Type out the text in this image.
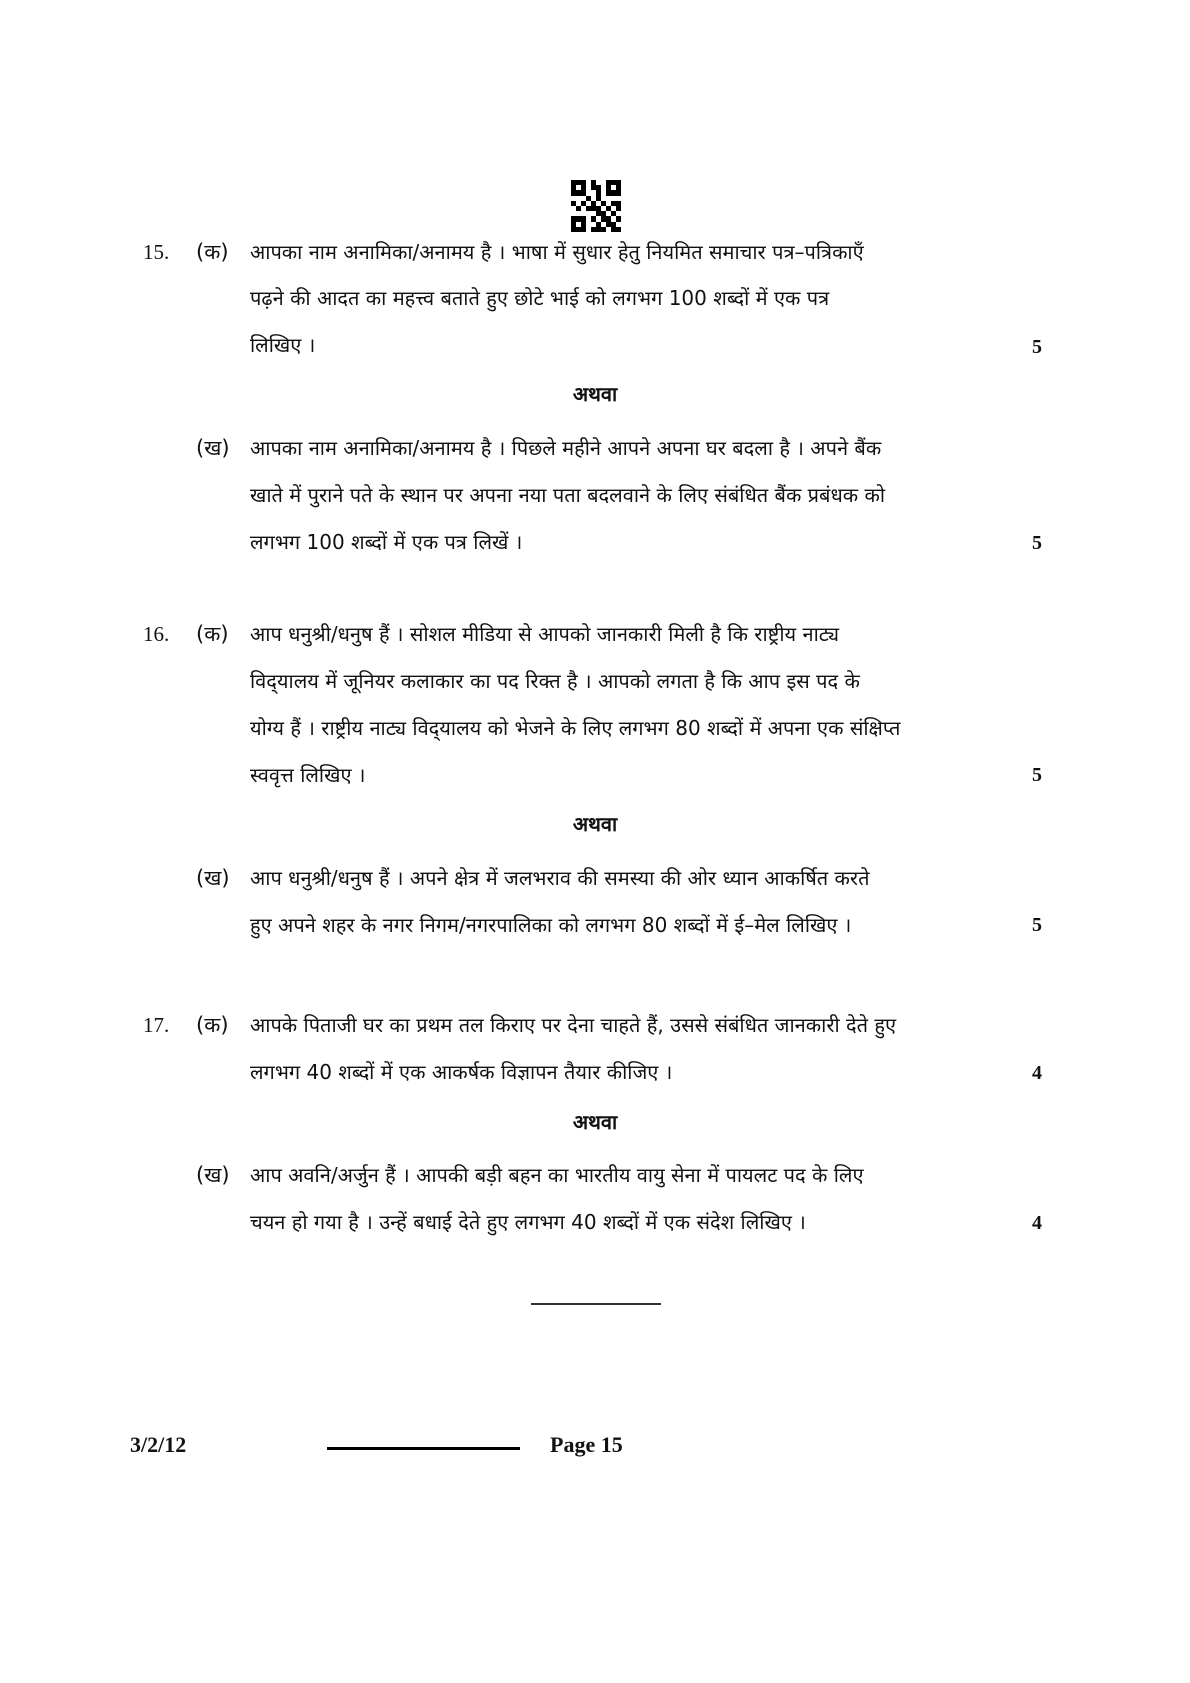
15. (क) आपका नाम अनामिका/अनामय है । भाषा में सुधार हेतु नियमित समाचार पत्र–पत्रिकाएँ
पढ़ने की आदत का महत्त्व बताते हुए छोटे भाई को लगभग 100 शब्दों में एक पत्र
लिखिए ।	5
अथवा
(ख) आपका नाम अनामिका/अनामय है । पिछले महीने आपने अपना घर बदला है । अपने बैंक
खाते में पुराने पते के स्थान पर अपना नया पता बदलवाने के लिए संबंधित बैंक प्रबंधक को
लगभग 100 शब्दों में एक पत्र लिखें ।	5
16. (क) आप धनुश्री/धनुष हैं । सोशल मीडिया से आपको जानकारी मिली है कि राष्ट्रीय नाट्य
विद्‌यालय में जूनियर कलाकार का पद रिक्त है । आपको लगता है कि आप इस पद के
योग्य हैं । राष्ट्रीय नाट्य विद्‌यालय को भेजने के लिए लगभग 80 शब्दों में अपना एक संक्षिप्त
स्ववृत्त लिखिए ।	5
अथवा
(ख) आप धनुश्री/धनुष हैं । अपने क्षेत्र में जलभराव की समस्या की ओर ध्यान आकर्षित करते
हुए अपने शहर के नगर निगम/नगरपालिका को लगभग 80 शब्दों में ई–मेल लिखिए ।	5
17. (क) आपके पिताजी घर का प्रथम तल किराए पर देना चाहते हैं, उससे संबंधित जानकारी देते हुए
लगभग 40 शब्दों में एक आकर्षक विज्ञापन तैयार कीजिए ।	4
अथवा
(ख) आप अवनि/अर्जुन हैं । आपकी बड़ी बहन का भारतीय वायु सेना में पायलट पद के लिए
चयन हो गया है । उन्हें बधाई देते हुए लगभग 40 शब्दों में एक संदेश लिखिए ।	4
3/2/12	Page 15
